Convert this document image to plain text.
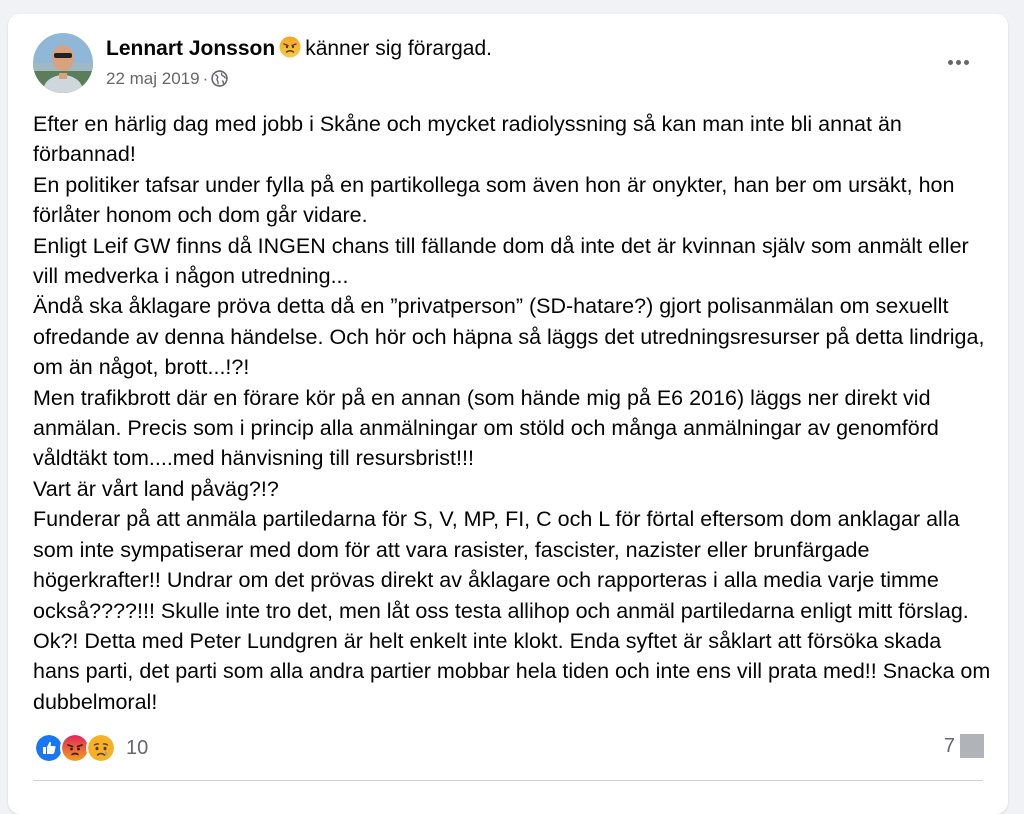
Lennart Jonsson känner sig förargad.
22 maj 2019 ·
Efter en härlig dag med jobb i Skåne och mycket radiolyssning så kan man inte bli annat än förbannad!
En politiker tafsar under fylla på en partikollega som även hon är onykter, han ber om ursäkt, hon förlåter honom och dom går vidare.
Enligt Leif GW finns då INGEN chans till fällande dom då inte det är kvinnan själv som anmält eller vill medverka i någon utredning...
Ändå ska åklagare pröva detta då en ”privatperson” (SD-hatare?) gjort polisanmälan om sexuellt ofredande av denna händelse. Och hör och häpna så läggs det utredningsresurser på detta lindriga, om än något, brott...!?!
Men trafikbrott där en förare kör på en annan (som hände mig på E6 2016) läggs ner direkt vid anmälan. Precis som i princip alla anmälningar om stöld och många anmälningar av genomförd våldtäkt tom....med hänvisning till resursbrist!!!
Vart är vårt land påväg?!?
Funderar på att anmäla partiledarna för S, V, MP, FI, C och L för förtal eftersom dom anklagar alla som inte sympatiserar med dom för att vara rasister, fascister, nazister eller brunfärgade högerkrafter!! Undrar om det prövas direkt av åklagare och rapporteras i alla media varje timme också????!!! Skulle inte tro det, men låt oss testa allihop och anmäl partiledarna enligt mitt förslag. Ok?! Detta med Peter Lundgren är helt enkelt inte klokt. Enda syftet är såklart att försöka skada hans parti, det parti som alla andra partier mobbar hela tiden och inte ens vill prata med!! Snacka om dubbelmoral!
10	7
